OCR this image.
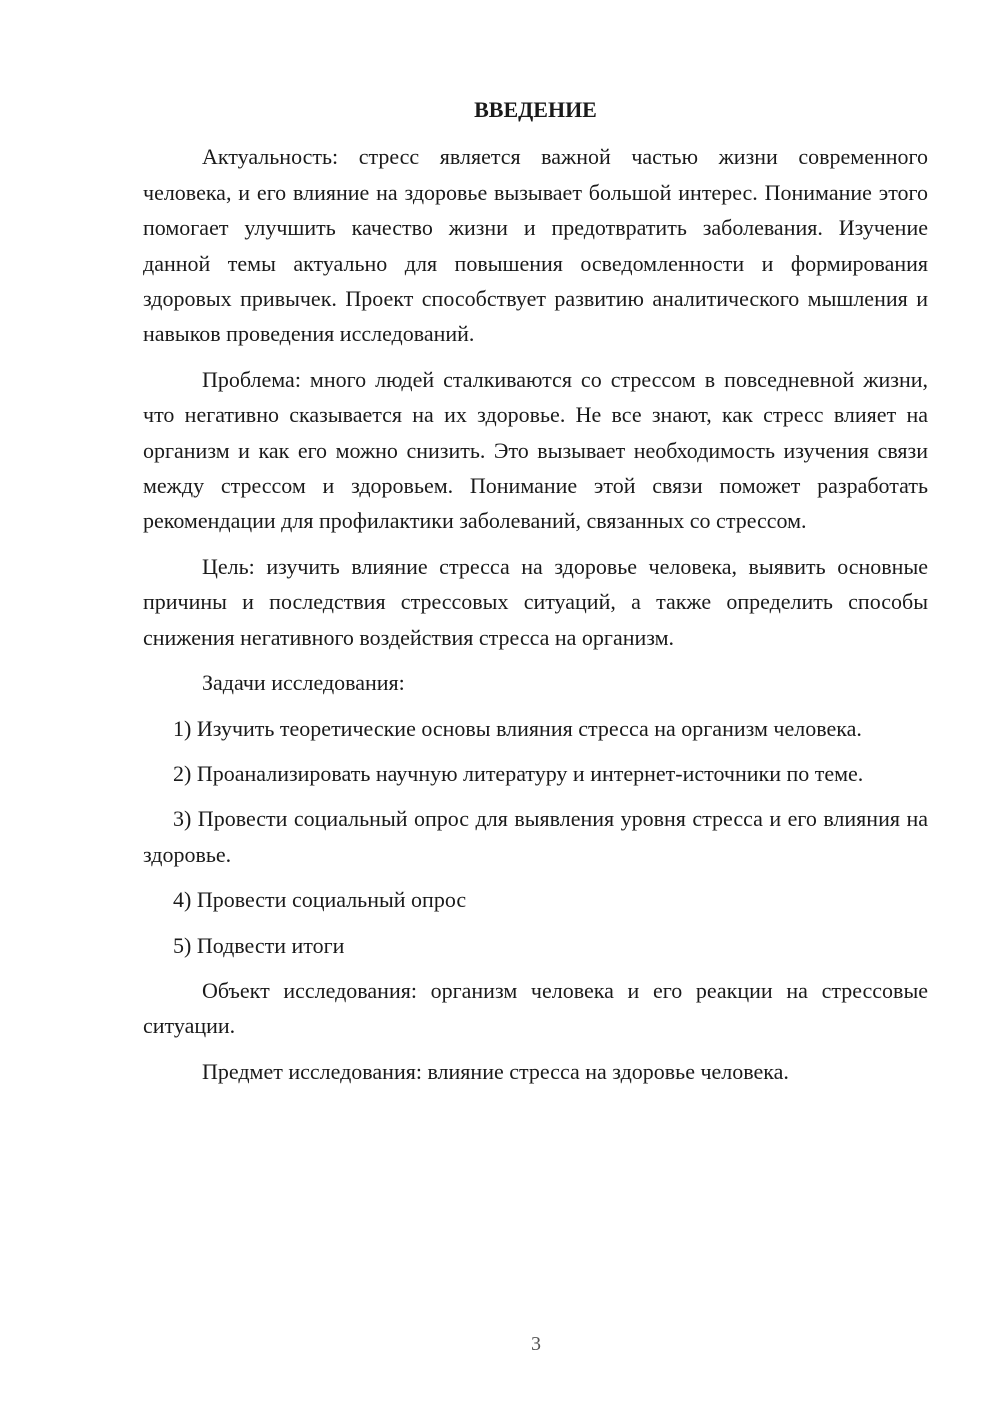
ВВЕДЕНИЕ

Актуальность: стресс является важной частью жизни современного человека, и его влияние на здоровье вызывает большой интерес. Понимание этого помогает улучшить качество жизни и предотвратить заболевания. Изучение данной темы актуально для повышения осведомленности и формирования здоровых привычек. Проект способствует развитию аналитического мышления и навыков проведения исследований.

Проблема: много людей сталкиваются со стрессом в повседневной жизни, что негативно сказывается на их здоровье. Не все знают, как стресс влияет на организм и как его можно снизить. Это вызывает необходимость изучения связи между стрессом и здоровьем. Понимание этой связи поможет разработать рекомендации для профилактики заболеваний, связанных со стрессом.

Цель: изучить влияние стресса на здоровье человека, выявить основные причины и последствия стрессовых ситуаций, а также определить способы снижения негативного воздействия стресса на организм.

Задачи исследования:

1) Изучить теоретические основы влияния стресса на организм человека.

2) Проанализировать научную литературу и интернет-источники по теме.

3) Провести социальный опрос для выявления уровня стресса и его влияния на здоровье.

4) Провести социальный опрос

5) Подвести итоги

Объект исследования: организм человека и его реакции на стрессовые ситуации.

Предмет исследования: влияние стресса на здоровье человека.

3
